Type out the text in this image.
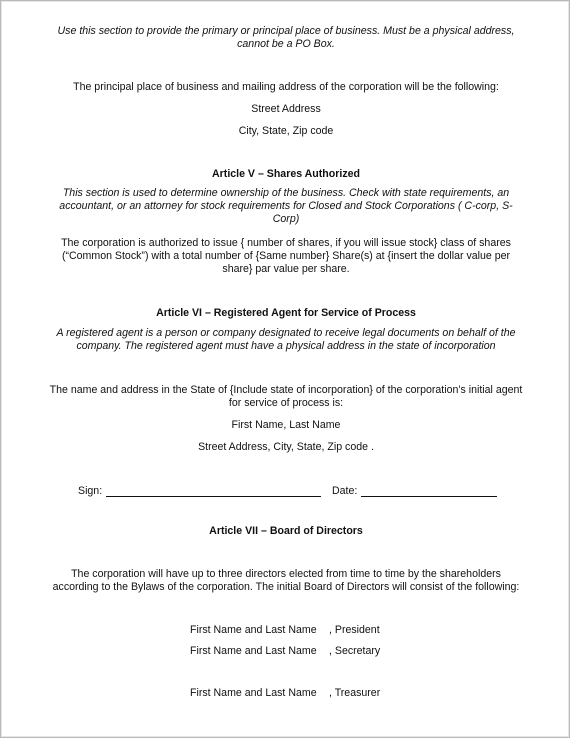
Use this section to provide the primary or principal place of business. Must be a physical address,
cannot be a PO Box.
The principal place of business and mailing address of the corporation will be the following:
Street Address
City, State, Zip code
Article V – Shares Authorized
This section is used to determine ownership of the business. Check with state requirements, an
accountant, or an attorney for stock requirements for Closed and Stock Corporations ( C-corp, S-
Corp)
The corporation is authorized to issue { number of shares, if you will issue stock} class of shares
(“Common Stock”) with a total number of {Same number} Share(s) at {insert the dollar value per
share} par value per share.
Article VI – Registered Agent for Service of Process
A registered agent is a person or company designated to receive legal documents on behalf of the
company. The registered agent must have a physical address in the state of incorporation
The name and address in the State of {Include state of incorporation} of the corporation’s initial agent
for service of process is:
First Name, Last Name
Street Address, City, State, Zip code .
Sign:	Date:
Article VII – Board of Directors
The corporation will have up to three directors elected from time to time by the shareholders
according to the Bylaws of the corporation. The initial Board of Directors will consist of the following:
First Name and Last Name , President
First Name and Last Name , Secretary
First Name and Last Name , Treasurer
